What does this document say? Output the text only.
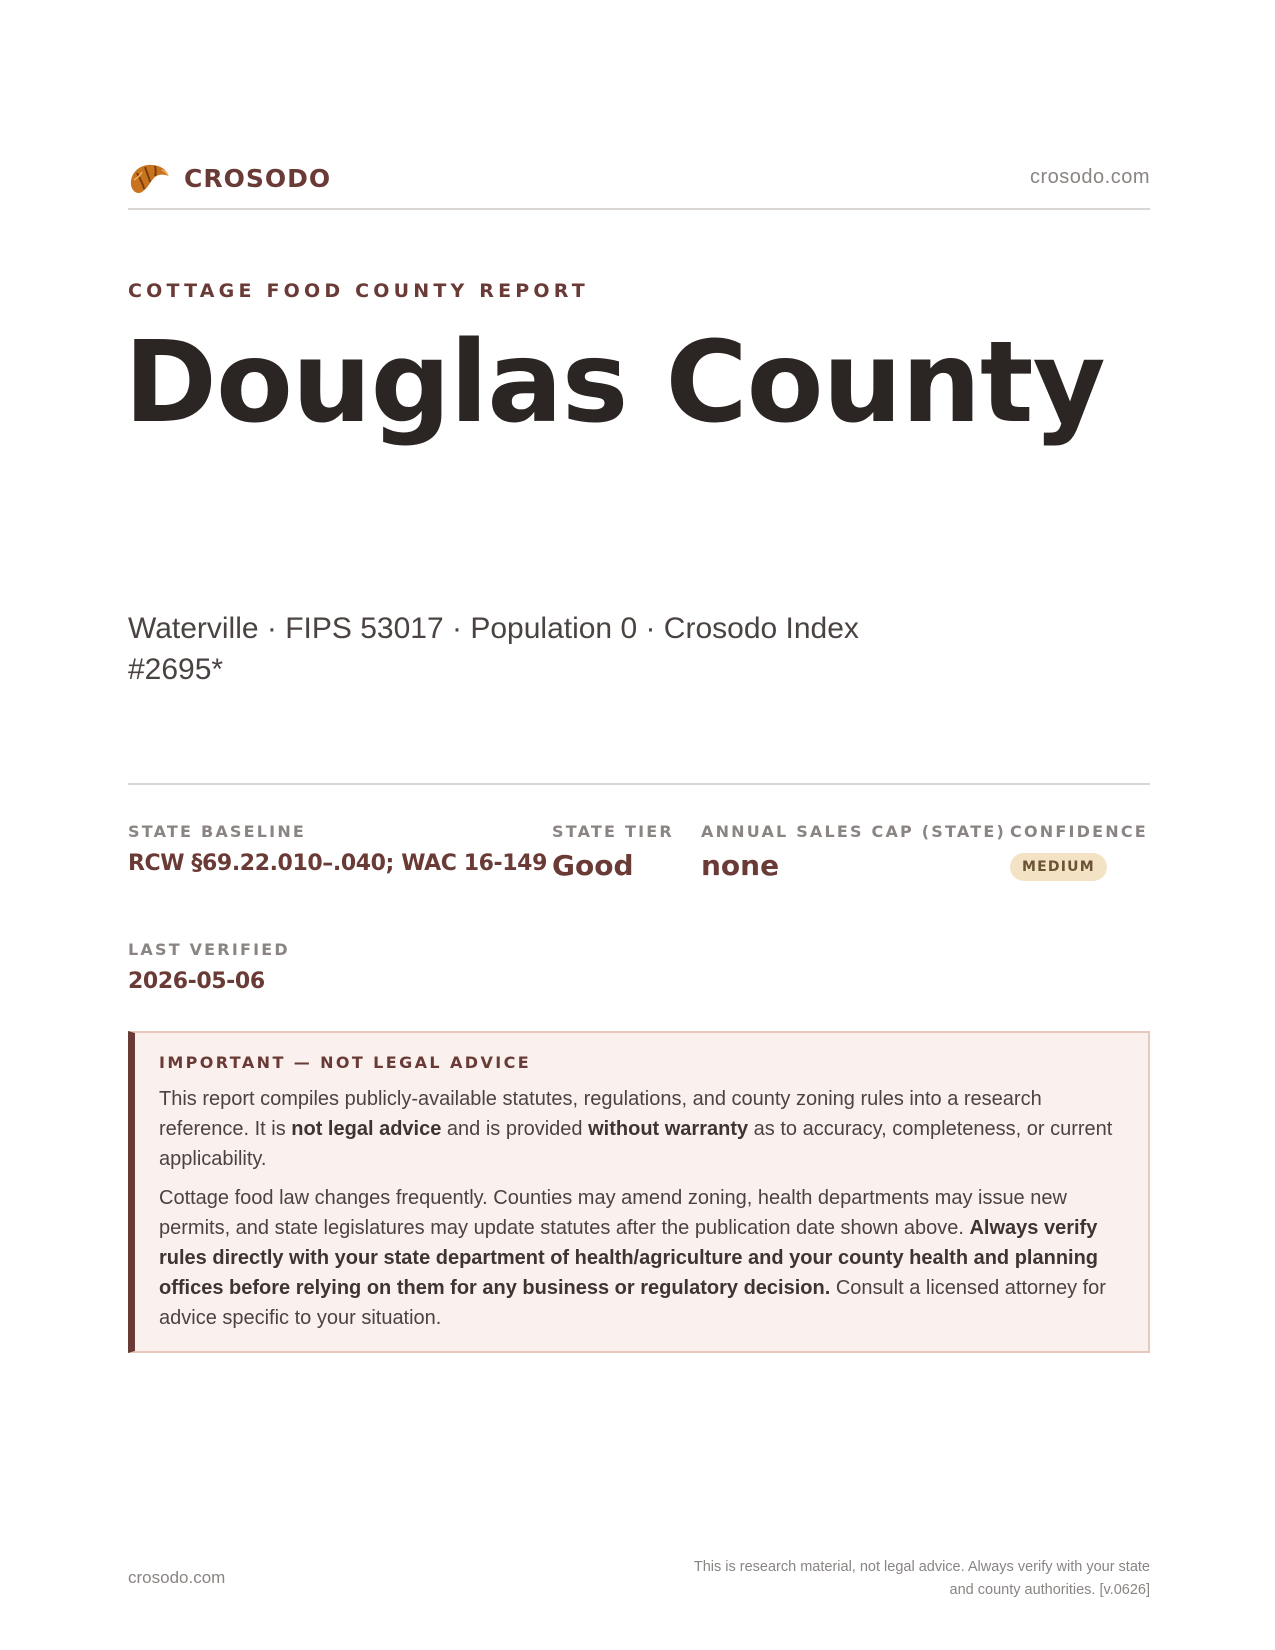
CROSODO	crosodo.com
COTTAGE FOOD COUNTY REPORT
Douglas County
Waterville · FIPS 53017 · Population 0 · Crosodo Index
#2695*
STATE BASELINE
RCW §69.22.010–.040; WAC 16-149
STATE TIER
Good
ANNUAL SALES CAP (STATE)
none
CONFIDENCE
MEDIUM
LAST VERIFIED
2026-05-06
IMPORTANT — NOT LEGAL ADVICE

This report compiles publicly-available statutes, regulations, and county zoning rules into a research reference. It is not legal advice and is provided without warranty as to accuracy, completeness, or current applicability.

Cottage food law changes frequently. Counties may amend zoning, health departments may issue new permits, and state legislatures may update statutes after the publication date shown above. Always verify rules directly with your state department of health/agriculture and your county health and planning offices before relying on them for any business or regulatory decision. Consult a licensed attorney for advice specific to your situation.

crosodo.com
This is research material, not legal advice. Always verify with your state
and county authorities. [v.0626]
